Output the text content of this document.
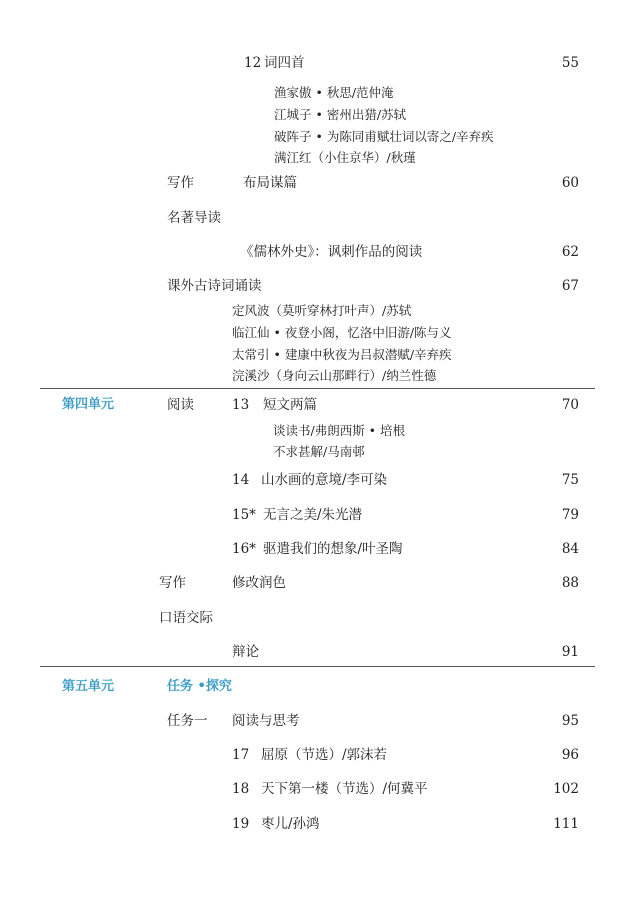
12 词四首	55
渔家傲 • 秋思/范仲淹
江城子 • 密州出猎/苏轼
破阵子 • 为陈同甫赋壮词以寄之/辛弃疾
满江红（小住京华）/秋瑾
写作	布局谋篇	60
名著导读
《儒林外史》：讽刺作品的阅读	62
课外古诗词诵读	67
定风波（莫听穿林打叶声）/苏轼
临江仙 • 夜登小阁，忆洛中旧游/陈与义
太常引 • 建康中秋夜为吕叔潜赋/辛弃疾
浣溪沙（身向云山那畔行）/纳兰性德
第四单元	阅读	13 短文两篇	70
谈读书/弗朗西斯 • 培根
不求甚解/马南邨
14 山水画的意境/李可染	75
15* 无言之美/朱光潜	79
16* 驱遣我们的想象/叶圣陶	84
写作	修改润色	88
口语交际
辩论	91
第五单元	任务 •探究
任务一 阅读与思考	95
17 屈原（节选）/郭沫若	96
18 天下第一楼（节选）/何冀平	102
19 枣儿/孙鸿	111
